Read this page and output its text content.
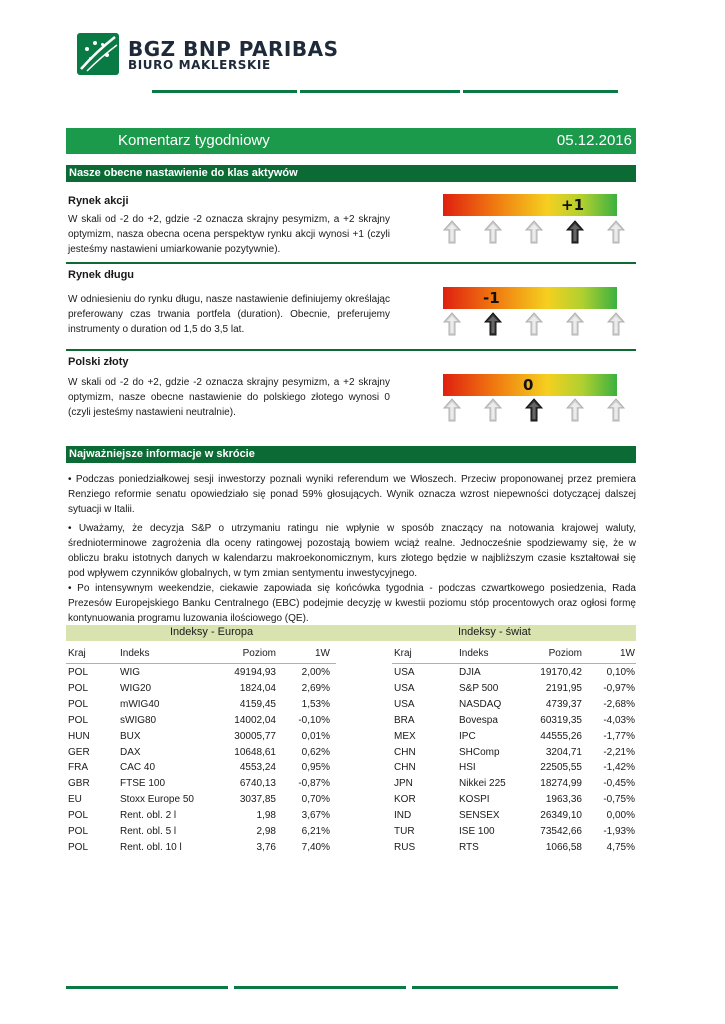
BGZ BNP PARIBAS
BIURO MAKLERSKIE
Komentarz tygodniowy	05.12.2016
Nasze obecne nastawienie do klas aktywów
Rynek akcji
W skali od -2 do +2, gdzie -2 oznacza skrajny pesymizm, a +2 skrajny optymizm, nasza obecna ocena perspektyw rynku akcji wynosi +1 (czyli jesteśmy nastawieni umiarkowanie pozytywnie).
+1
Rynek długu
W odniesieniu do rynku długu, nasze nastawienie definiujemy określając preferowany czas trwania portfela (duration). Obecnie, preferujemy instrumenty o duration od 1,5 do 3,5 lat.
-1
Polski złoty
W skali od -2 do +2, gdzie -2 oznacza skrajny pesymizm, a +2 skrajny optymizm, nasze obecne nastawienie do polskiego złotego wynosi 0 (czyli jesteśmy nastawieni neutralnie).
0
Najważniejsze informacje w skrócie

• Podczas poniedziałkowej sesji inwestorzy poznali wyniki referendum we Włoszech. Przeciw proponowanej przez premiera Renziego reformie senatu opowiedziało się ponad 59% głosujących. Wynik oznacza wzrost niepewności dotyczącej dalszej sytuacji w Italii.

• Uważamy, że decyzja S&P o utrzymaniu ratingu nie wpłynie w sposób znaczący na notowania krajowej waluty, średnioterminowe zagrożenia dla oceny ratingowej pozostają bowiem wciąż realne. Jednocześnie spodziewamy się, że w obliczu braku istotnych danych w kalendarzu makroekonomicznym, kurs złotego będzie w najbliższym czasie kształtował się pod wpływem czynników globalnych, w tym zmian sentymentu inwestycyjnego.

• Po intensywnym weekendzie, ciekawie zapowiada się końcówka tygodnia - podczas czwartkowego posiedzenia, Rada Prezesów Europejskiego Banku Centralnego (EBC) podejmie decyzję w kwestii poziomu stóp procentowych oraz ogłosi formę kontynuowania programu luzowania ilościowego (QE).

Indeksy - Europa	Indeksy - świat
Kraj	Indeks	Poziom	1W
POL	WIG	49194,93	2,00%
POL	WIG20	1824,04	2,69%
POL	mWIG40	4159,45	1,53%
POL	sWIG80	14002,04	-0,10%
HUN	BUX	30005,77	0,01%
GER	DAX	10648,61	0,62%
FRA	CAC 40	4553,24	0,95%
GBR	FTSE 100	6740,13	-0,87%
EU	Stoxx Europe 50	3037,85	0,70%
POL	Rent. obl. 2 l	1,98	3,67%
POL	Rent. obl. 5 l	2,98	6,21%
POL	Rent. obl. 10 l	3,76	7,40%
Kraj	Indeks	Poziom	1W
USA	DJIA	19170,42	0,10%
USA	S&P 500	2191,95	-0,97%
USA	NASDAQ	4739,37	-2,68%
BRA	Bovespa	60319,35	-4,03%
MEX	IPC	44555,26	-1,77%
CHN	SHComp	3204,71	-2,21%
CHN	HSI	22505,55	-1,42%
JPN	Nikkei 225	18274,99	-0,45%
KOR	KOSPI	1963,36	-0,75%
IND	SENSEX	26349,10	0,00%
TUR	ISE 100	73542,66	-1,93%
RUS	RTS	1066,58	4,75%
